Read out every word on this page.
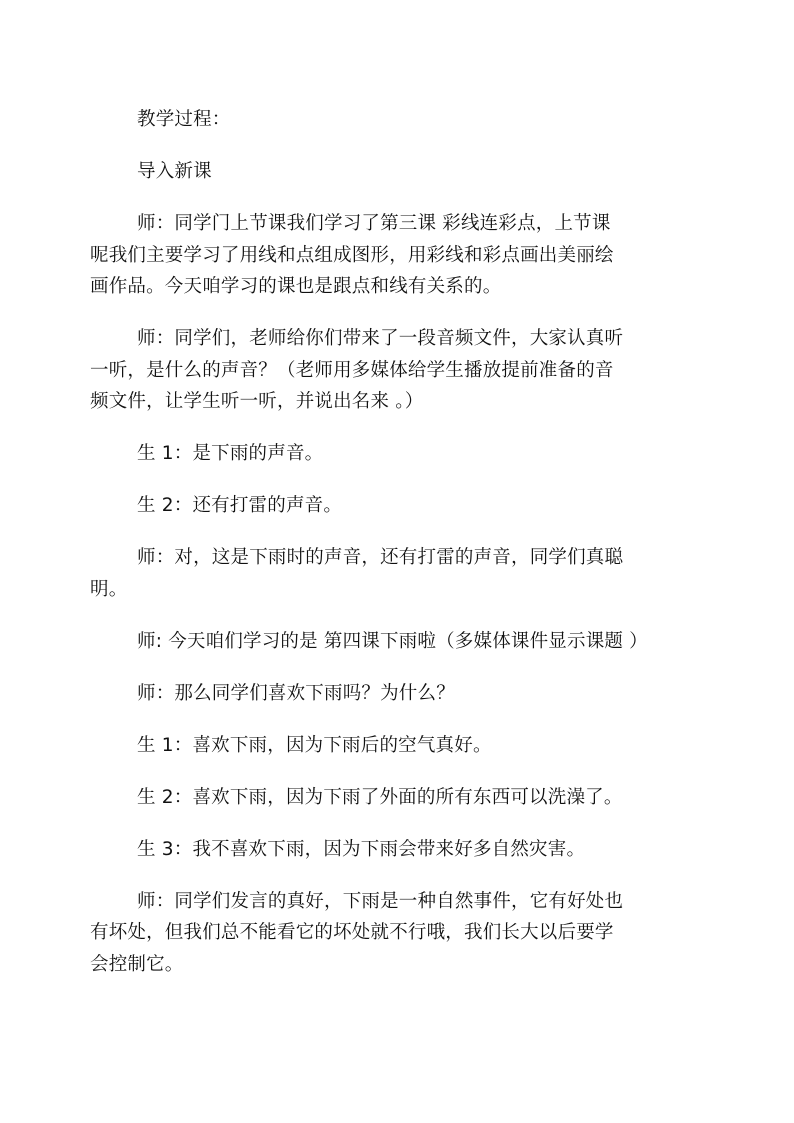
教学过程：

导入新课

师：同学门上节课我们学习了第三课 彩线连彩点，上节课
呢我们主要学习了用线和点组成图形，用彩线和彩点画出美丽绘
画作品。今天咱学习的课也是跟点和线有关系的。

师：同学们，老师给你们带来了一段音频文件，大家认真听
一听，是什么的声音？（老师用多媒体给学生播放提前准备的音
频文件，让学生听一听，并说出名来 。）

生 1：是下雨的声音。

生 2：还有打雷的声音。

师：对，这是下雨时的声音，还有打雷的声音，同学们真聪
明。

师: 今天咱们学习的是 第四课下雨啦（多媒体课件显示课题 ）

师：那么同学们喜欢下雨吗？为什么？

生 1：喜欢下雨，因为下雨后的空气真好。

生 2：喜欢下雨，因为下雨了外面的所有东西可以洗澡了。

生 3：我不喜欢下雨，因为下雨会带来好多自然灾害。

师：同学们发言的真好，下雨是一种自然事件，它有好处也
有坏处，但我们总不能看它的坏处就不行哦，我们长大以后要学
会控制它。
